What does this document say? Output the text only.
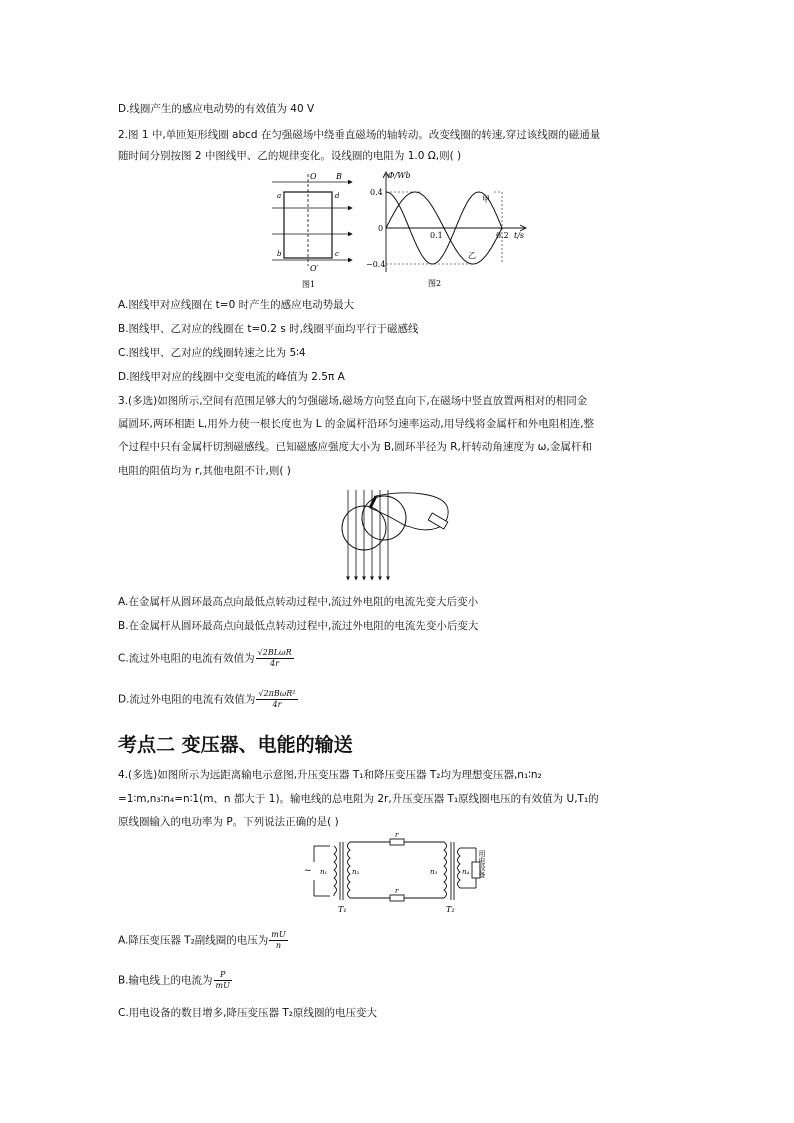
D.线圈产生的感应电动势的有效值为 40 V
2.图 1 中,单匝矩形线圈 abcd 在匀强磁场中绕垂直磁场的轴转动。改变线圈的转速,穿过该线圈的磁通量
随时间分别按图 2 中图线甲、乙的规律变化。设线圈的电阻为 1.0 Ω,则( )
O
O′
B
a	d
b	c
图1
Φ/Wb
t/s
0.4
−0.4
0
0.1	0.2
甲
乙
图2
A.图线甲对应线圈在 t=0 时产生的感应电动势最大
B.图线甲、乙对应的线圈在 t=0.2 s 时,线圈平面均平行于磁感线
C.图线甲、乙对应的线圈转速之比为 5∶4
D.图线甲对应的线圈中交变电流的峰值为 2.5π A
3.(多选)如图所示,空间有范围足够大的匀强磁场,磁场方向竖直向下,在磁场中竖直放置两相对的相同金
属圆环,两环相距 L,用外力使一根长度也为 L 的金属杆沿环匀速率运动,用导线将金属杆和外电阻相连,整
个过程中只有金属杆切割磁感线。已知磁感应强度大小为 B,圆环半径为 R,杆转动角速度为 ω,金属杆和
电阻的阻值均为 r,其他电阻不计,则( )
A.在金属杆从圆环最高点向最低点转动过程中,流过外电阻的电流先变大后变小
B.在金属杆从圆环最高点向最低点转动过程中,流过外电阻的电流先变小后变大
C.流过外电阻的电流有效值为 $\frac{\text{√2BLωR}}{4r}$
D.流过外电阻的电流有效值为 $\frac{\text{√2πBωR²}}{4r}$
考点二 变压器、电能的输送
4.(多选)如图所示为远距离输电示意图,升压变压器 T₁和降压变压器 T₂均为理想变压器,n₁∶n₂
=1∶m,n₃∶n₄=n∶1(m、n 都大于 1)。输电线的总电阻为 2r,升压变压器 T₁原线圈电压的有效值为 U,T₁的
原线圈输入的电功率为 P。下列说法正确的是( )
~ n₁	n₂	n₃	n₄
r
r
T₁	T₂
用电设备
A.降压变压器 T₂副线圈的电压为 $\frac{mU}{n}$
B.输电线上的电流为 $\frac{P}{mU}$
C.用电设备的数目增多,降压变压器 T₂原线圈的电压变大
